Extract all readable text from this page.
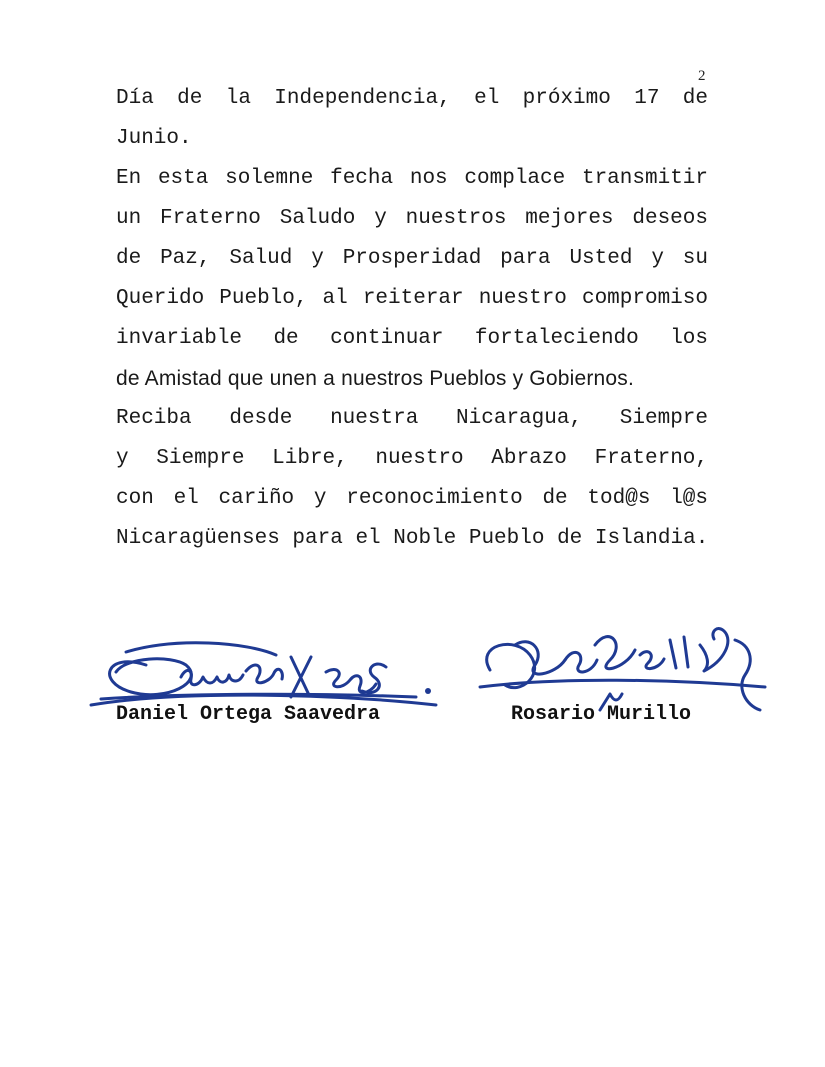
2
Día de la Independencia, el próximo 17 de
Junio.
En esta solemne fecha nos complace transmitir
un Fraterno Saludo y nuestros mejores deseos
de Paz, Salud y Prosperidad para Usted y su
Querido Pueblo, al reiterar nuestro compromiso
invariable de continuar fortaleciendo los
de Amistad que unen a nuestros Pueblos y Gobiernos.
Reciba desde nuestra Nicaragua, Siempre
y Siempre Libre, nuestro Abrazo Fraterno,
con el cariño y reconocimiento de tod@s l@s
Nicaragüenses para el Noble Pueblo de Islandia.
Daniel Ortega Saavedra	Rosario Murillo
